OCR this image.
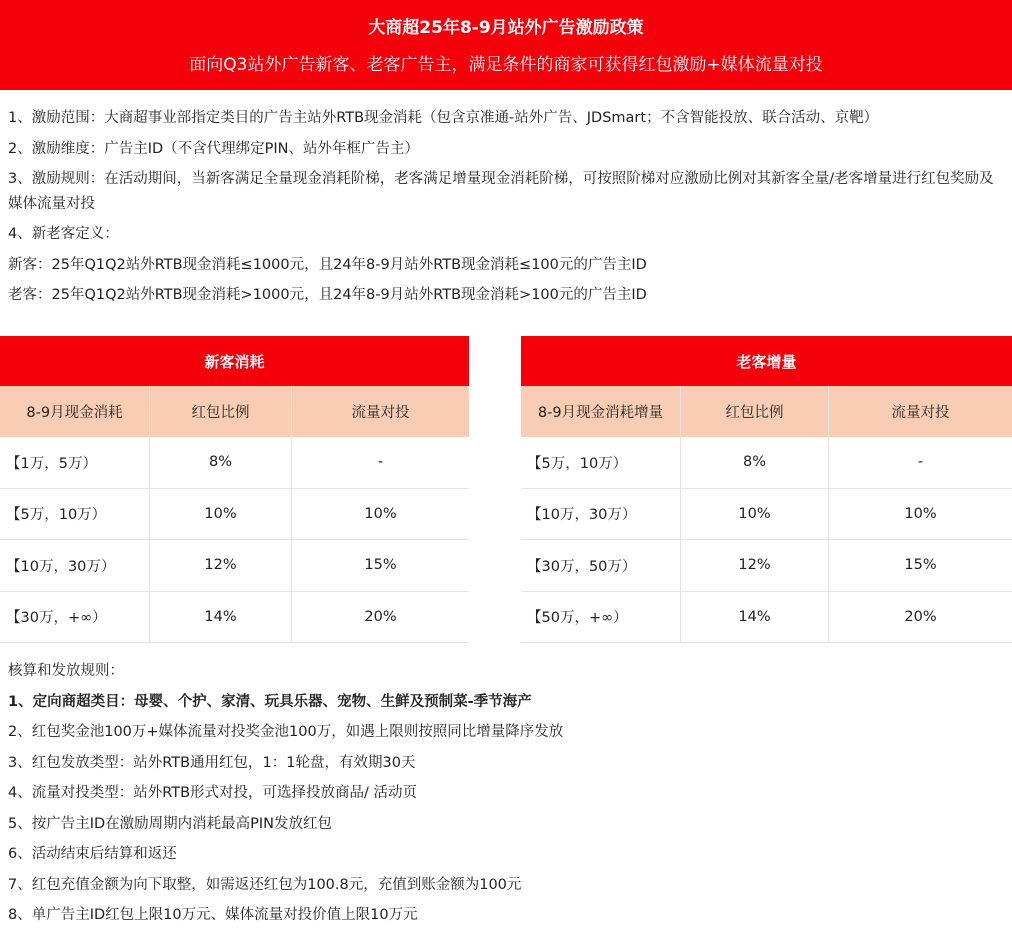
大商超25年8-9月站外广告激励政策
面向Q3站外广告新客、老客广告主，满足条件的商家可获得红包激励+媒体流量对投
1、激励范围：大商超事业部指定类目的广告主站外RTB现金消耗（包含京准通-站外广告、JDSmart；不含智能投放、联合活动、京靶）
2、激励维度：广告主ID（不含代理绑定PIN、站外年框广告主）
3、激励规则：在活动期间，当新客满足全量现金消耗阶梯，老客满足增量现金消耗阶梯，可按照阶梯对应激励比例对其新客全量/老客增量进行红包奖励及媒体流量对投
4、新老客定义：
新客：25年Q1Q2站外RTB现金消耗≤1000元，且24年8-9月站外RTB现金消耗≤100元的广告主ID
老客：25年Q1Q2站外RTB现金消耗>1000元，且24年8-9月站外RTB现金消耗>100元的广告主ID
新客消耗
8-9月现金消耗	红包比例	流量对投
【1万，5万）	8%	-
【5万，10万）	10%	10%
【10万，30万）	12%	15%
【30万，+∞）	14%	20%
老客增量
8-9月现金消耗增量	红包比例	流量对投
【5万，10万）	8%	-
【10万，30万）	10%	10%
【30万，50万）	12%	15%
【50万，+∞）	14%	20%
核算和发放规则：
1、定向商超类目：母婴、个护、家清、玩具乐器、宠物、生鲜及预制菜-季节海产
2、红包奖金池100万+媒体流量对投奖金池100万，如遇上限则按照同比增量降序发放
3、红包发放类型：站外RTB通用红包，1：1轮盘，有效期30天
4、流量对投类型：站外RTB形式对投，可选择投放商品/ 活动页
5、按广告主ID在激励周期内消耗最高PIN发放红包
6、活动结束后结算和返还
7、红包充值金额为向下取整，如需返还红包为100.8元，充值到账金额为100元
8、单广告主ID红包上限10万元、媒体流量对投价值上限10万元
